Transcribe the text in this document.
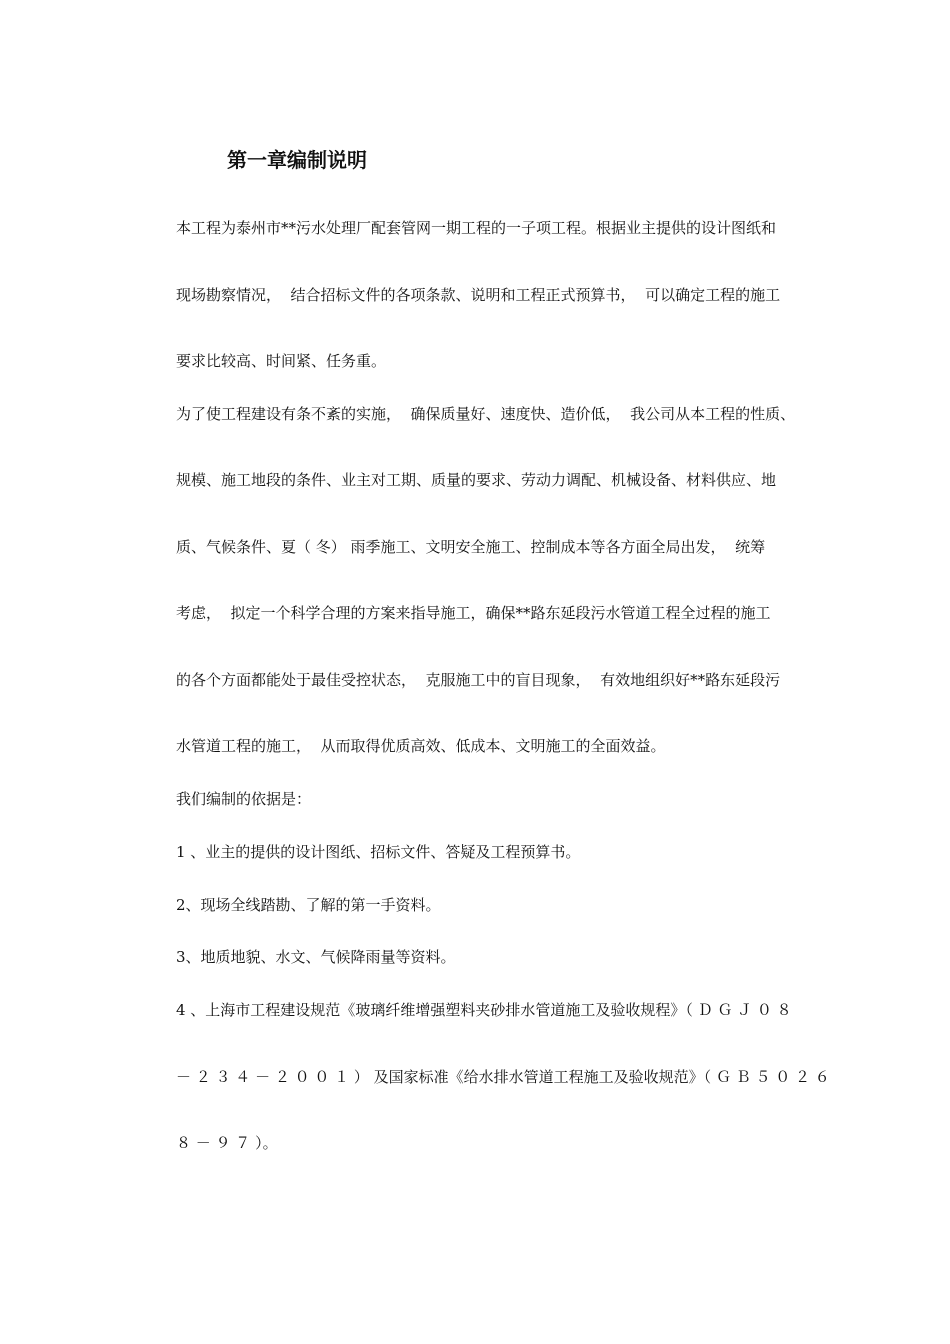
第一章编制说明

本工程为泰州市**污水处理厂配套管网一期工程的一子项工程。根据业主提供的设计图纸和

现场勘察情况，  结合招标文件的各项条款、说明和工程正式预算书，  可以确定工程的施工

要求比较高、时间紧、任务重。

为了使工程建设有条不紊的实施，  确保质量好、速度快、造价低，  我公司从本工程的性质、

规模、施工地段的条件、业主对工期、质量的要求、劳动力调配、机械设备、材料供应、地

质、气候条件、夏（ 冬） 雨季施工、文明安全施工、控制成本等各方面全局出发，  统筹

考虑，  拟定一个科学合理的方案来指导施工，确保**路东延段污水管道工程全过程的施工

的各个方面都能处于最佳受控状态，  克服施工中的盲目现象，  有效地组织好**路东延段污

水管道工程的施工，  从而取得优质高效、低成本、文明施工的全面效益。

我们编制的依据是：

1 、业主的提供的设计图纸、招标文件、答疑及工程预算书。

2、现场全线踏勘、了解的第一手资料。

3、地质地貌、水文、气候降雨量等资料。

4 、上海市工程建设规范《玻璃纤维增强塑料夹砂排水管道施工及验收规程》（ Ｄ Ｇ Ｊ ０ ８

－ ２ ３ ４ － ２ ０ ０ １ ） 及国家标准《给水排水管道工程施工及验收规范》（ Ｇ Ｂ ５ ０ ２ ６

８ － ９ ７ ）。
